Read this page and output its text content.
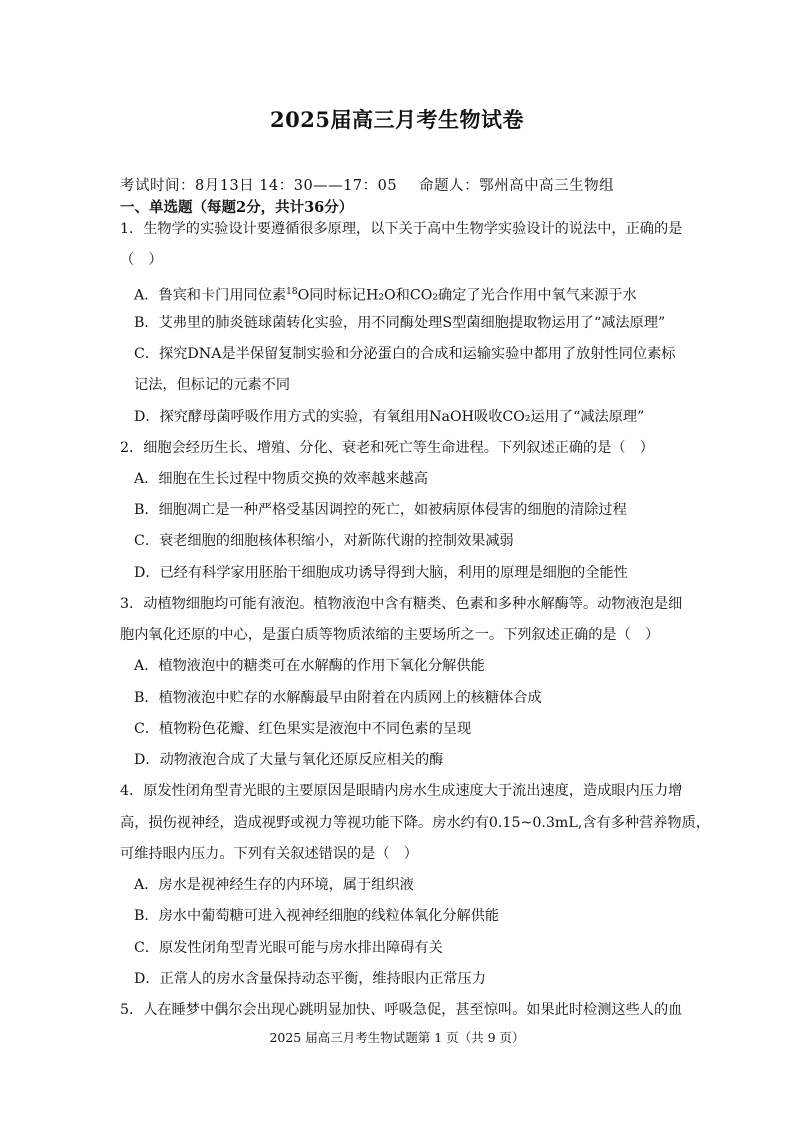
2025届高三月考生物试卷
考试时间：8月13日 14：30——17：05 命题人：鄂州高中高三生物组
一、单选题（每题2分，共计36分）
1．生物学的实验设计要遵循很多原理，以下关于高中生物学实验设计的说法中，正确的是
（　）
A．鲁宾和卡门用同位素$^{18}$O同时标记H₂O和CO₂确定了光合作用中氧气来源于水
B．艾弗里的肺炎链球菌转化实验，用不同酶处理S型菌细胞提取物运用了“减法原理”
C．探究DNA是半保留复制实验和分泌蛋白的合成和运输实验中都用了放射性同位素标
记法，但标记的元素不同
D．探究酵母菌呼吸作用方式的实验，有氧组用NaOH吸收CO₂运用了“减法原理”
2．细胞会经历生长、增殖、分化、衰老和死亡等生命进程。下列叙述正确的是（　）
A．细胞在生长过程中物质交换的效率越来越高
B．细胞凋亡是一种严格受基因调控的死亡，如被病原体侵害的细胞的清除过程
C．衰老细胞的细胞核体积缩小，对新陈代谢的控制效果减弱
D．已经有科学家用胚胎干细胞成功诱导得到大脑，利用的原理是细胞的全能性
3．动植物细胞均可能有液泡。植物液泡中含有糖类、色素和多种水解酶等。动物液泡是细
胞内氧化还原的中心，是蛋白质等物质浓缩的主要场所之一。下列叙述正确的是（　）
A．植物液泡中的糖类可在水解酶的作用下氧化分解供能
B．植物液泡中贮存的水解酶最早由附着在内质网上的核糖体合成
C．植物粉色花瓣、红色果实是液泡中不同色素的呈现
D．动物液泡合成了大量与氧化还原反应相关的酶
4．原发性闭角型青光眼的主要原因是眼睛内房水生成速度大于流出速度，造成眼内压力增
高，损伤视神经，造成视野或视力等视功能下降。房水约有0.15~0.3mL,含有多种营养物质，
可维持眼内压力。下列有关叙述错误的是（　）
A．房水是视神经生存的内环境，属于组织液
B．房水中葡萄糖可进入视神经细胞的线粒体氧化分解供能
C．原发性闭角型青光眼可能与房水排出障碍有关
D．正常人的房水含量保持动态平衡，维持眼内正常压力
5．人在睡梦中偶尔会出现心跳明显加快、呼吸急促，甚至惊叫。如果此时检测这些人的血
2025 届高三月考生物试题第 1 页（共 9 页）
